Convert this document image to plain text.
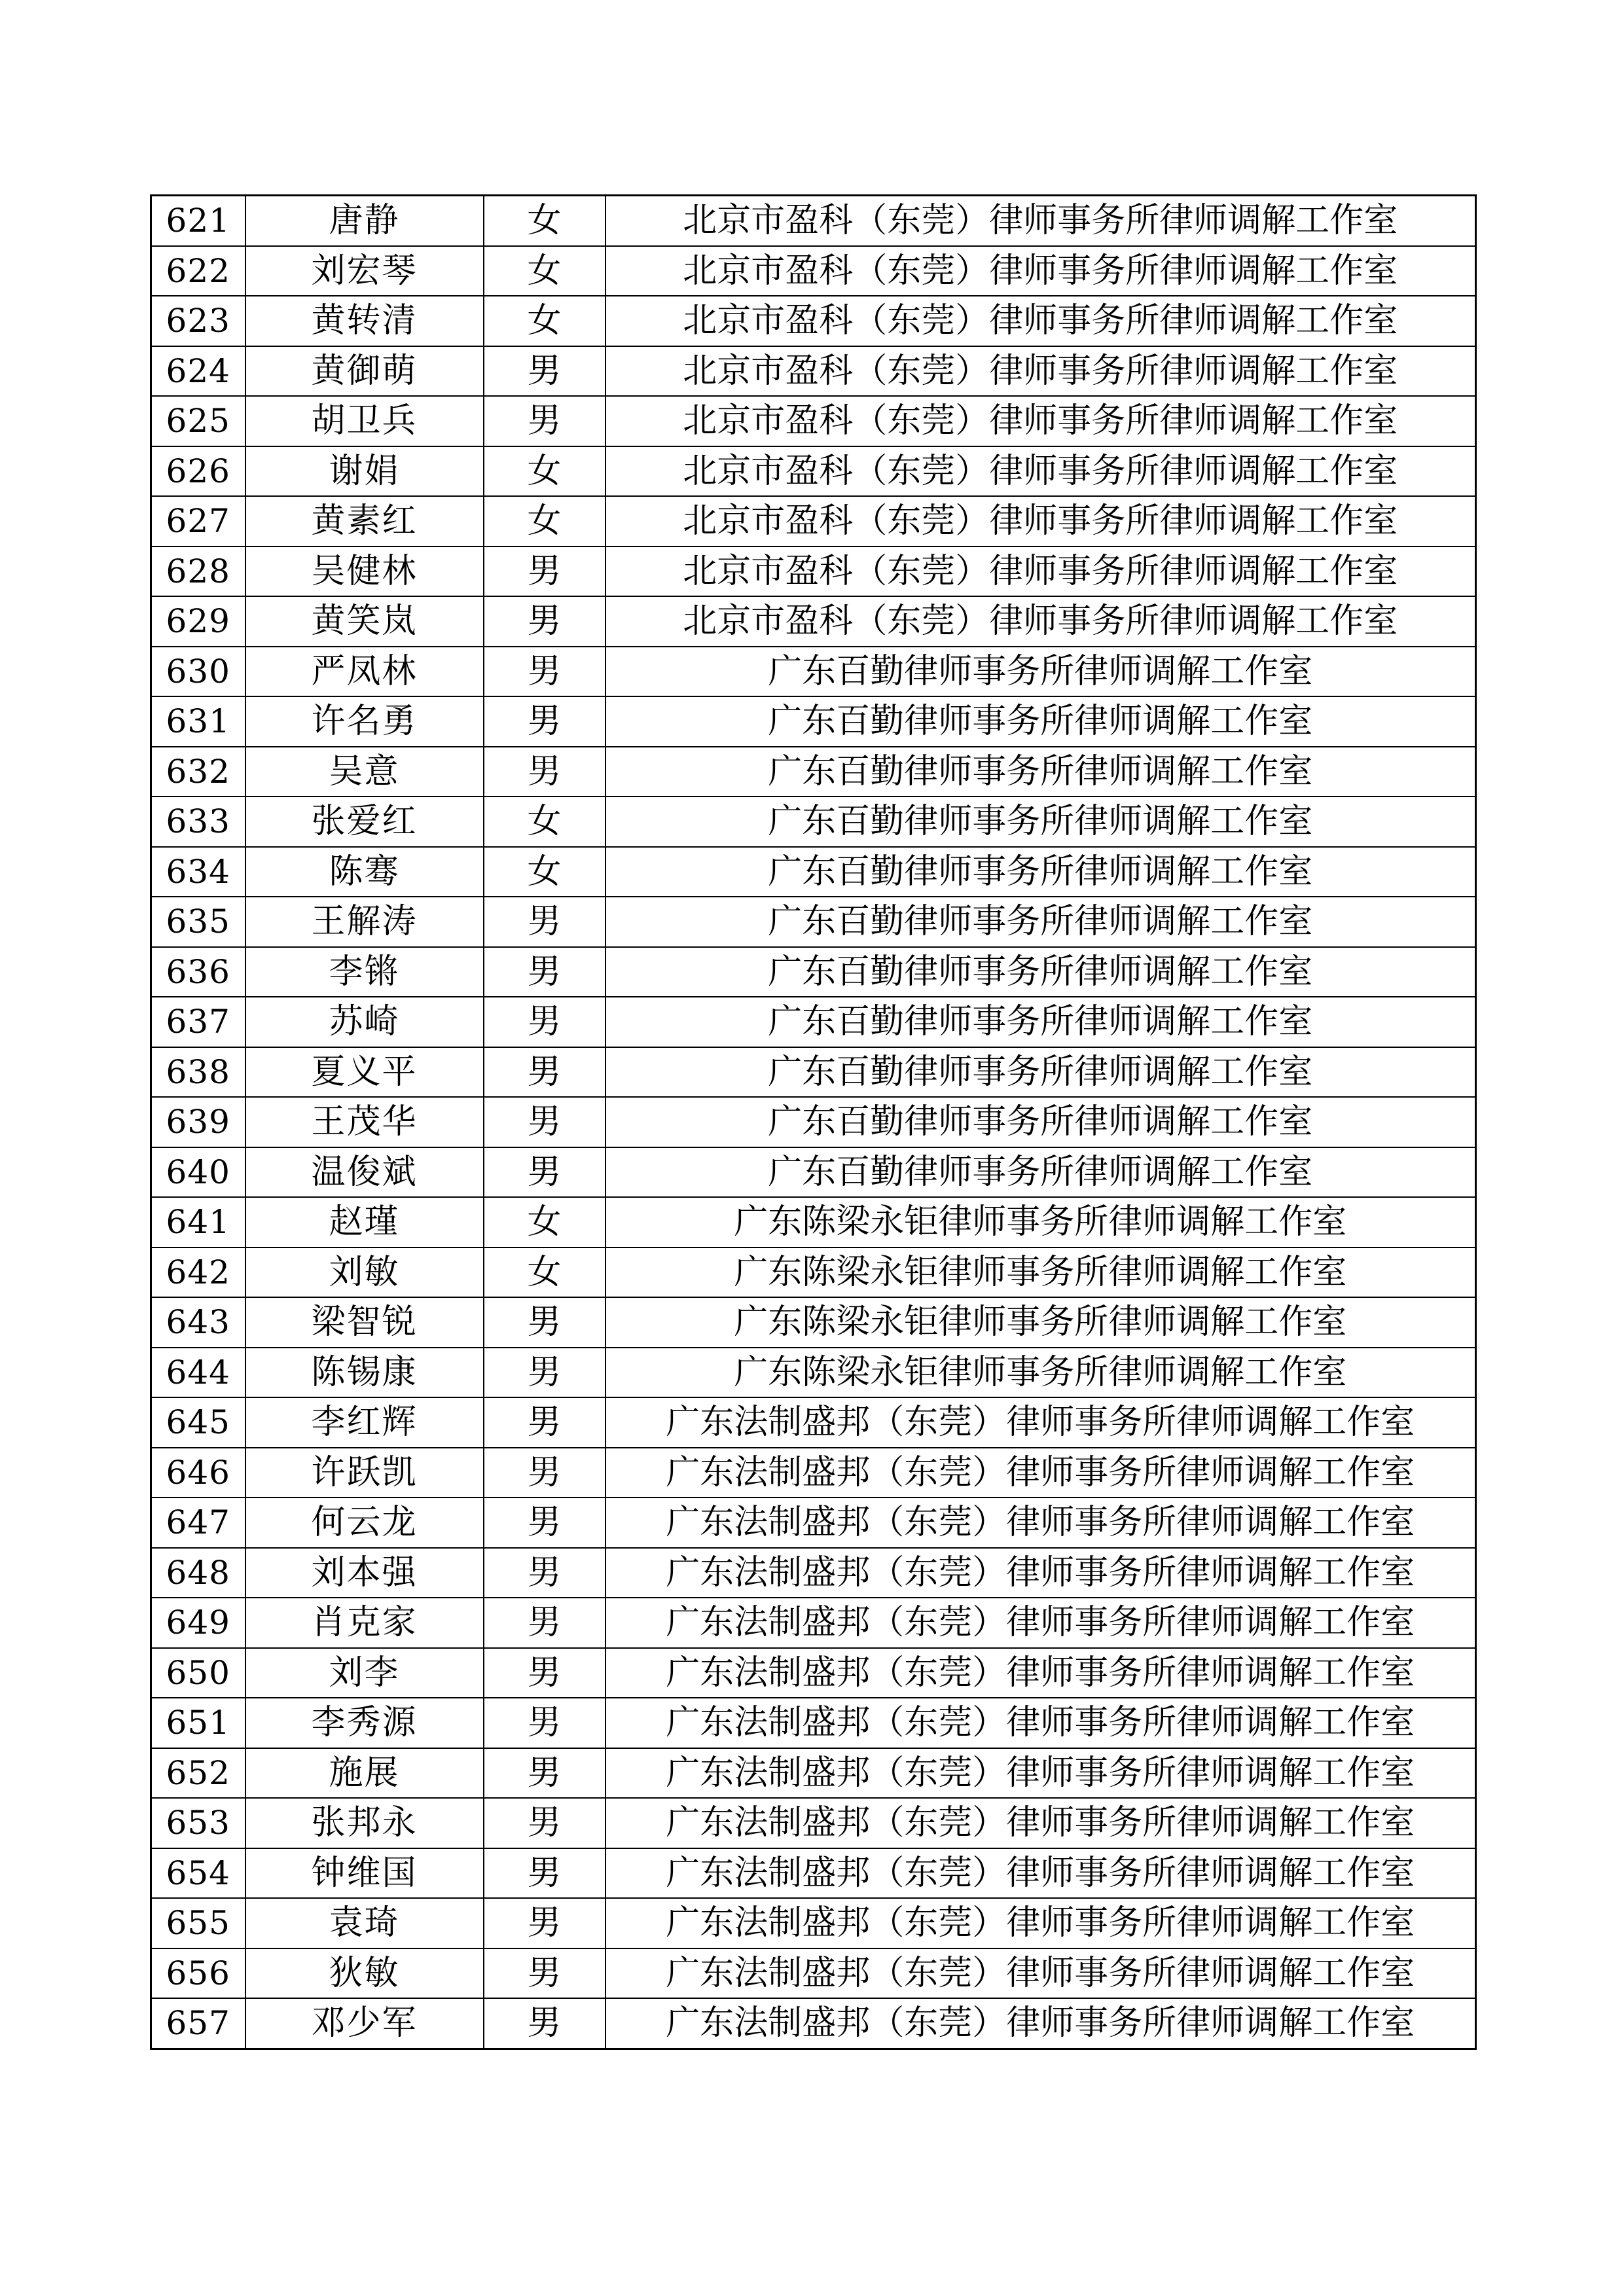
621	唐静	女	北京市盈科（东莞）律师事务所律师调解工作室
622	刘宏琴	女	北京市盈科（东莞）律师事务所律师调解工作室
623	黄转清	女	北京市盈科（东莞）律师事务所律师调解工作室
624	黄御萌	男	北京市盈科（东莞）律师事务所律师调解工作室
625	胡卫兵	男	北京市盈科（东莞）律师事务所律师调解工作室
626	谢娟	女	北京市盈科（东莞）律师事务所律师调解工作室
627	黄素红	女	北京市盈科（东莞）律师事务所律师调解工作室
628	吴健林	男	北京市盈科（东莞）律师事务所律师调解工作室
629	黄笑岚	男	北京市盈科（东莞）律师事务所律师调解工作室
630	严凤林	男	广东百勤律师事务所律师调解工作室
631	许名勇	男	广东百勤律师事务所律师调解工作室
632	吴意	男	广东百勤律师事务所律师调解工作室
633	张爱红	女	广东百勤律师事务所律师调解工作室
634	陈骞	女	广东百勤律师事务所律师调解工作室
635	王解涛	男	广东百勤律师事务所律师调解工作室
636	李锵	男	广东百勤律师事务所律师调解工作室
637	苏崎	男	广东百勤律师事务所律师调解工作室
638	夏义平	男	广东百勤律师事务所律师调解工作室
639	王茂华	男	广东百勤律师事务所律师调解工作室
640	温俊斌	男	广东百勤律师事务所律师调解工作室
641	赵瑾	女	广东陈梁永钜律师事务所律师调解工作室
642	刘敏	女	广东陈梁永钜律师事务所律师调解工作室
643	梁智锐	男	广东陈梁永钜律师事务所律师调解工作室
644	陈锡康	男	广东陈梁永钜律师事务所律师调解工作室
645	李红辉	男	广东法制盛邦（东莞）律师事务所律师调解工作室
646	许跃凯	男	广东法制盛邦（东莞）律师事务所律师调解工作室
647	何云龙	男	广东法制盛邦（东莞）律师事务所律师调解工作室
648	刘本强	男	广东法制盛邦（东莞）律师事务所律师调解工作室
649	肖克家	男	广东法制盛邦（东莞）律师事务所律师调解工作室
650	刘李	男	广东法制盛邦（东莞）律师事务所律师调解工作室
651	李秀源	男	广东法制盛邦（东莞）律师事务所律师调解工作室
652	施展	男	广东法制盛邦（东莞）律师事务所律师调解工作室
653	张邦永	男	广东法制盛邦（东莞）律师事务所律师调解工作室
654	钟维国	男	广东法制盛邦（东莞）律师事务所律师调解工作室
655	袁琦	男	广东法制盛邦（东莞）律师事务所律师调解工作室
656	狄敏	男	广东法制盛邦（东莞）律师事务所律师调解工作室
657	邓少军	男	广东法制盛邦（东莞）律师事务所律师调解工作室
